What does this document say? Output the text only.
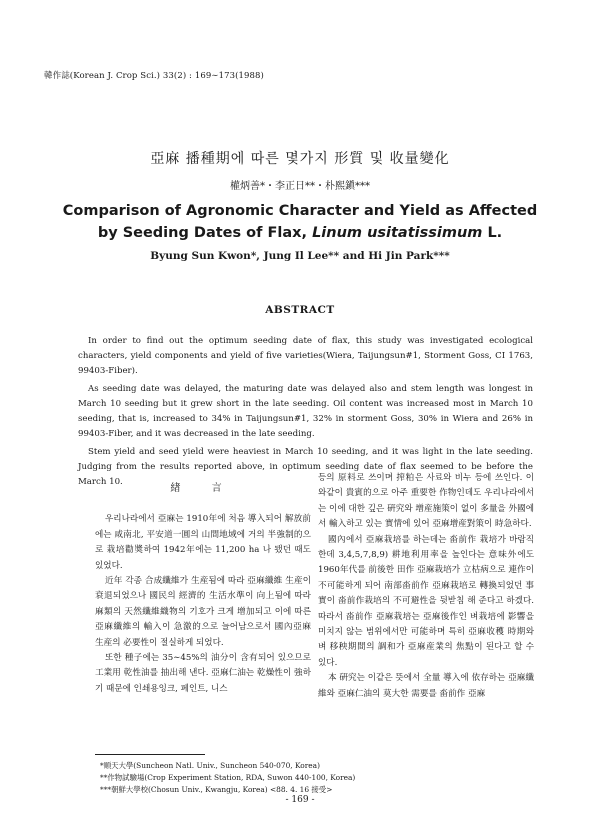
韓作誌(Korean J. Crop Sci.) 33(2) : 169∼173(1988)
亞麻 播種期에 따른 몇가지 形質 및 收量變化
權炳善*・李正日**・朴熙鎭***
Comparison of Agronomic Character and Yield as Affected
by Seeding Dates of Flax, Linum usitatissimum L.
Byung Sun Kwon*, Jung Il Lee** and Hi Jin Park***
ABSTRACT

In order to find out the optimum seeding date of flax, this study was investigated ecological characters, yield components and yield of five varieties(Wiera, Taijungsun#1, Storment Goss, CI 1763, 99403-Fiber).

As seeding date was delayed, the maturing date was delayed also and stem length was longest in March 10 seeding but it grew short in the late seeding. Oil content was increased most in March 10 seeding, that is, increased to 34% in Taijungsun#1, 32% in storment Goss, 30% in Wiera and 26% in 99403-Fiber, and it was decreased in the late seeding.

Stem yield and seed yield were heaviest in March 10 seeding, and it was light in the late seeding. Judging from the results reported above, in optimum seeding date of flax seemed to be before the March 10.

緖 言

우리나라에서 亞麻는 1910年에 처음 導入되어 解放前에는 咸南北, 平安道一圓의 山間地域에 거의 半強制的으로 栽培勸奬하여 1942年에는 11,200 ha 나 됐던 때도 있었다.

近年 각종 合成纖維가 生産됨에 따라 亞麻纖維 生産이 衰退되었으나 國民의 經濟的 生活水準이 向上됨에 따라 麻類의 天然纖維織物의 기호가 크게 增加되고 이에 따른 亞麻纖維의 輸入이 急激的으로 늘어남으로서 國內亞麻 生産의 必要性이 절실하게 되었다.

또한 種子에는 35∼45%의 油分이 含有되어 있으므로 工業用 乾性油를 抽出해 낸다. 亞麻仁油는 乾燥性이 強하기 때문에 인쇄용잉크, 페인트, 니스

등의 原料로 쓰이며 搾粕은 사료와 비누 등에 쓰인다. 이와같이 貴賓的으로 아주 重要한 作物인데도 우리나라에서는 이에 대한 깊은 硏究와 增産施策이 없이 多量을 外國에서 輸入하고 있는 實情에 있어 亞麻增産對策이 時急하다.

國內에서 亞麻栽培를 하는데는 畓前作 栽培가 바람직한데 3,4,5,7,8,9) 耕地利用率을 높인다는 意味外에도 1960年代를 前後한 田作 亞麻栽培가 立枯病으로 連作이 不可能하게 되어 南部畓前作 亞麻栽培로 轉換되었던 事實이 畓前作栽培의 不可避性을 뒷받침 해 준다고 하겠다. 따라서 畓前作 亞麻栽培는 亞麻後作인 벼栽培에 影響을 미치지 않는 범위에서만 可能하며 특히 亞麻收穫 時期와 벼 移秧期間의 調和가 亞麻産業의 焦點이 된다고 할 수 있다.

本 硏究는 이같은 뜻에서 全量 導入에 依存하는 亞麻纖維와 亞麻仁油의 莫大한 需要를 畓前作 亞麻

*順天大學(Suncheon Natl. Univ., Suncheon 540-070, Korea)
**作物試驗場(Crop Experiment Station, RDA, Suwon 440-100, Korea)
***朝鮮大學校(Chosun Univ., Kwangju, Korea) <88. 4. 16 接受>
- 169 -
